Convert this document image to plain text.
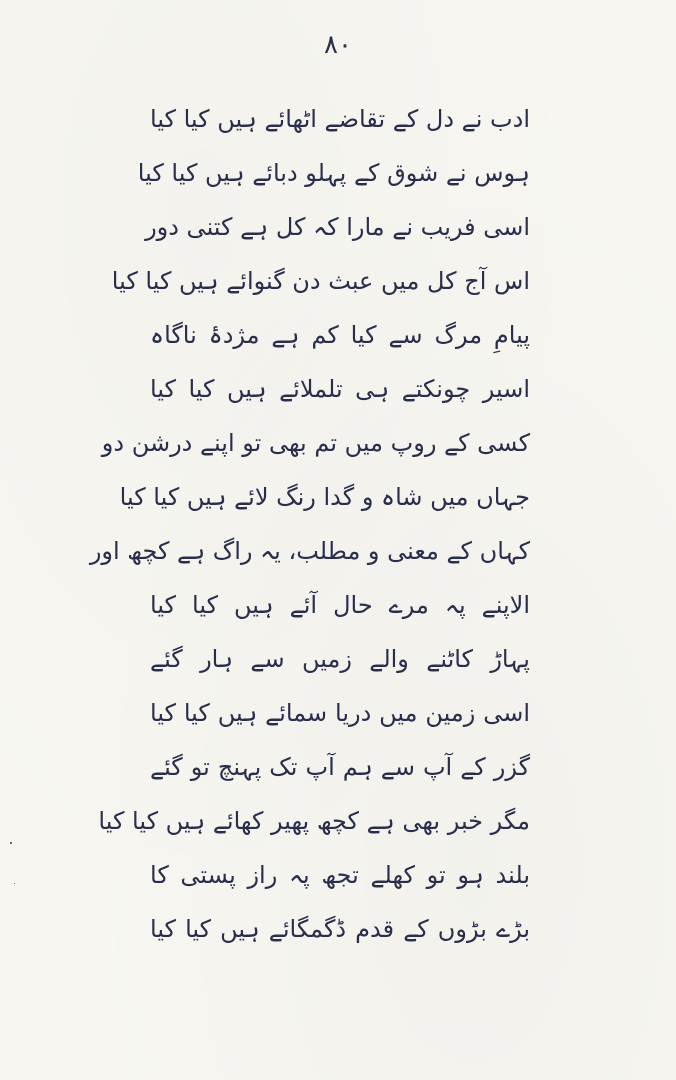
۸۰
ادب نے دل کے تقاضے اٹھائے ہیں کیا کیا
ہوس نے شوق کے پہلو دبائے ہیں کیا کیا
اسی فریب نے مارا کہ کل ہے کتنی دور
اس آج کل میں عبث دن گنوائے ہیں کیا کیا
پیامِ مرگ سے کیا کم ہے مژدۂ ناگاہ
اسیر چونکتے ہی تلملائے ہیں کیا کیا
کسی کے روپ میں تم بھی تو اپنے درشن دو
جہاں میں شاہ و گدا رنگ لائے ہیں کیا کیا
کہاں کے معنی و مطلب، یہ راگ ہے کچھ اور
الاپنے پہ مرے حال آئے ہیں کیا کیا
پہاڑ کاٹنے والے زمیں سے ہار گئے
اسی زمین میں دریا سمائے ہیں کیا کیا
گزر کے آپ سے ہم آپ تک پہنچ تو گئے
مگر خبر بھی ہے کچھ پھیر کھائے ہیں کیا کیا
بلند ہو تو کھلے تجھ پہ راز پستی کا
بڑے بڑوں کے قدم ڈگمگائے ہیں کیا کیا
